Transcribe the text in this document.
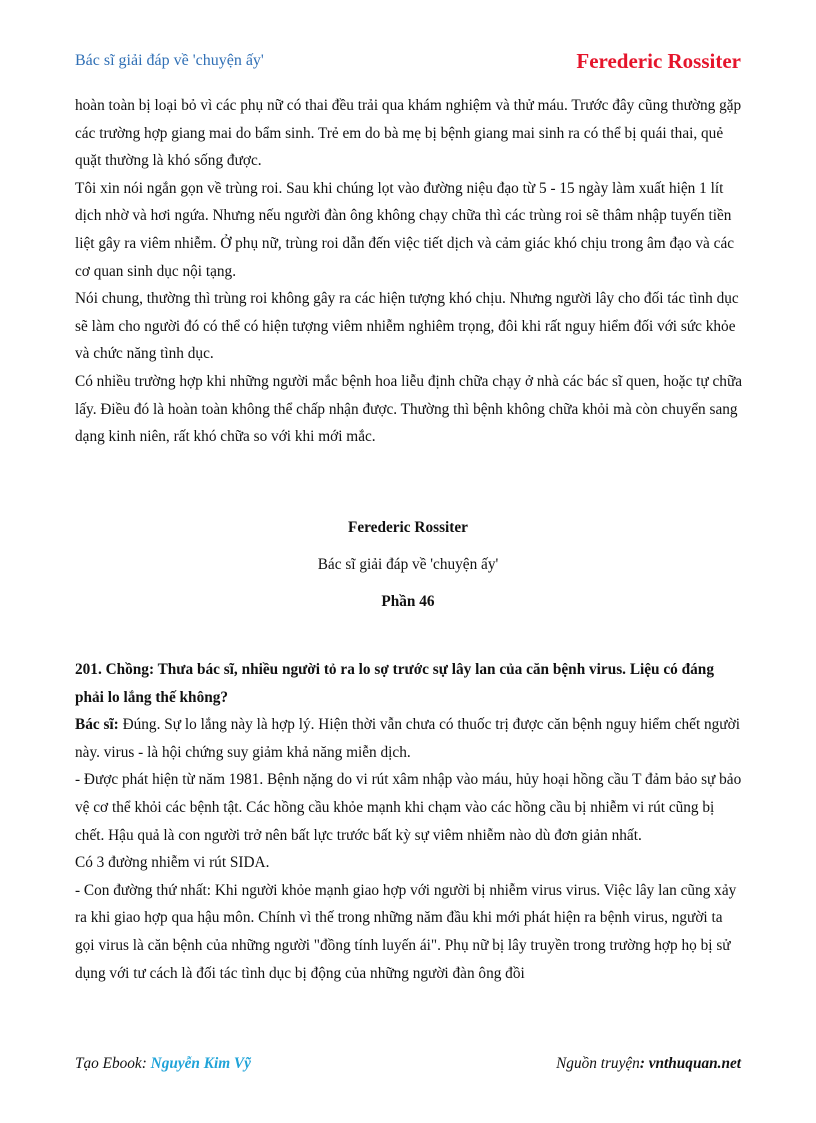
Bác sĩ giải đáp về 'chuyện ấy'	Ferederic Rossiter

hoàn toàn bị loại bỏ vì các phụ nữ có thai đều trải qua khám nghiệm và thử máu. Trước đây cũng thường gặp các trường hợp giang mai do bẩm sinh. Trẻ em do bà mẹ bị bệnh giang mai sinh ra có thể bị quái thai, quẻ quặt thường là khó sống được.

Tôi xin nói ngắn gọn về trùng roi. Sau khi chúng lọt vào đường niệu đạo từ 5 - 15 ngày làm xuất hiện 1 lít dịch nhờ và hơi ngứa. Nhưng nếu người đàn ông không chạy chữa thì các trùng roi sẽ thâm nhập tuyến tiền liệt gây ra viêm nhiễm. Ở phụ nữ, trùng roi dẫn đến việc tiết dịch và cảm giác khó chịu trong âm đạo và các cơ quan sinh dục nội tạng.

Nói chung, thường thì trùng roi không gây ra các hiện tượng khó chịu. Nhưng người lây cho đối tác tình dục sẽ làm cho người đó có thể có hiện tượng viêm nhiễm nghiêm trọng, đôi khi rất nguy hiểm đối với sức khỏe và chức năng tình dục.

Có nhiều trường hợp khi những người mắc bệnh hoa liễu định chữa chạy ở nhà các bác sĩ quen, hoặc tự chữa lấy. Điều đó là hoàn toàn không thể chấp nhận được. Thường thì bệnh không chữa khỏi mà còn chuyển sang dạng kinh niên, rất khó chữa so với khi mới mắc.

Ferederic Rossiter
Bác sĩ giải đáp về 'chuyện ấy'
Phần 46

201. Chồng: Thưa bác sĩ, nhiều người tỏ ra lo sợ trước sự lây lan của căn bệnh virus. Liệu có đáng phải lo lắng thế không?

Bác sĩ: Đúng. Sự lo lắng này là hợp lý. Hiện thời vẫn chưa có thuốc trị được căn bệnh nguy hiểm chết người này. virus - là hội chứng suy giảm khả năng miễn dịch.

- Được phát hiện từ năm 1981. Bệnh nặng do vi rút xâm nhập vào máu, hủy hoại hồng cầu T đảm bảo sự bảo vệ cơ thể khỏi các bệnh tật. Các hồng cầu khỏe mạnh khi chạm vào các hồng cầu bị nhiễm vi rút cũng bị chết. Hậu quả là con người trở nên bất lực trước bất kỳ sự viêm nhiễm nào dù đơn giản nhất.

Có 3 đường nhiễm vi rút SIDA.

- Con đường thứ nhất: Khi người khỏe mạnh giao hợp với người bị nhiễm virus virus. Việc lây lan cũng xảy ra khi giao hợp qua hậu môn. Chính vì thế trong những năm đầu khi mới phát hiện ra bệnh virus, người ta gọi virus là căn bệnh của những người "đồng tính luyến ái". Phụ nữ bị lây truyền trong trường hợp họ bị sử dụng với tư cách là đối tác tình dục bị động của những người đàn ông đồi

Tạo Ebook: Nguyễn Kim Vỹ	Nguồn truyện: vnthuquan.net
